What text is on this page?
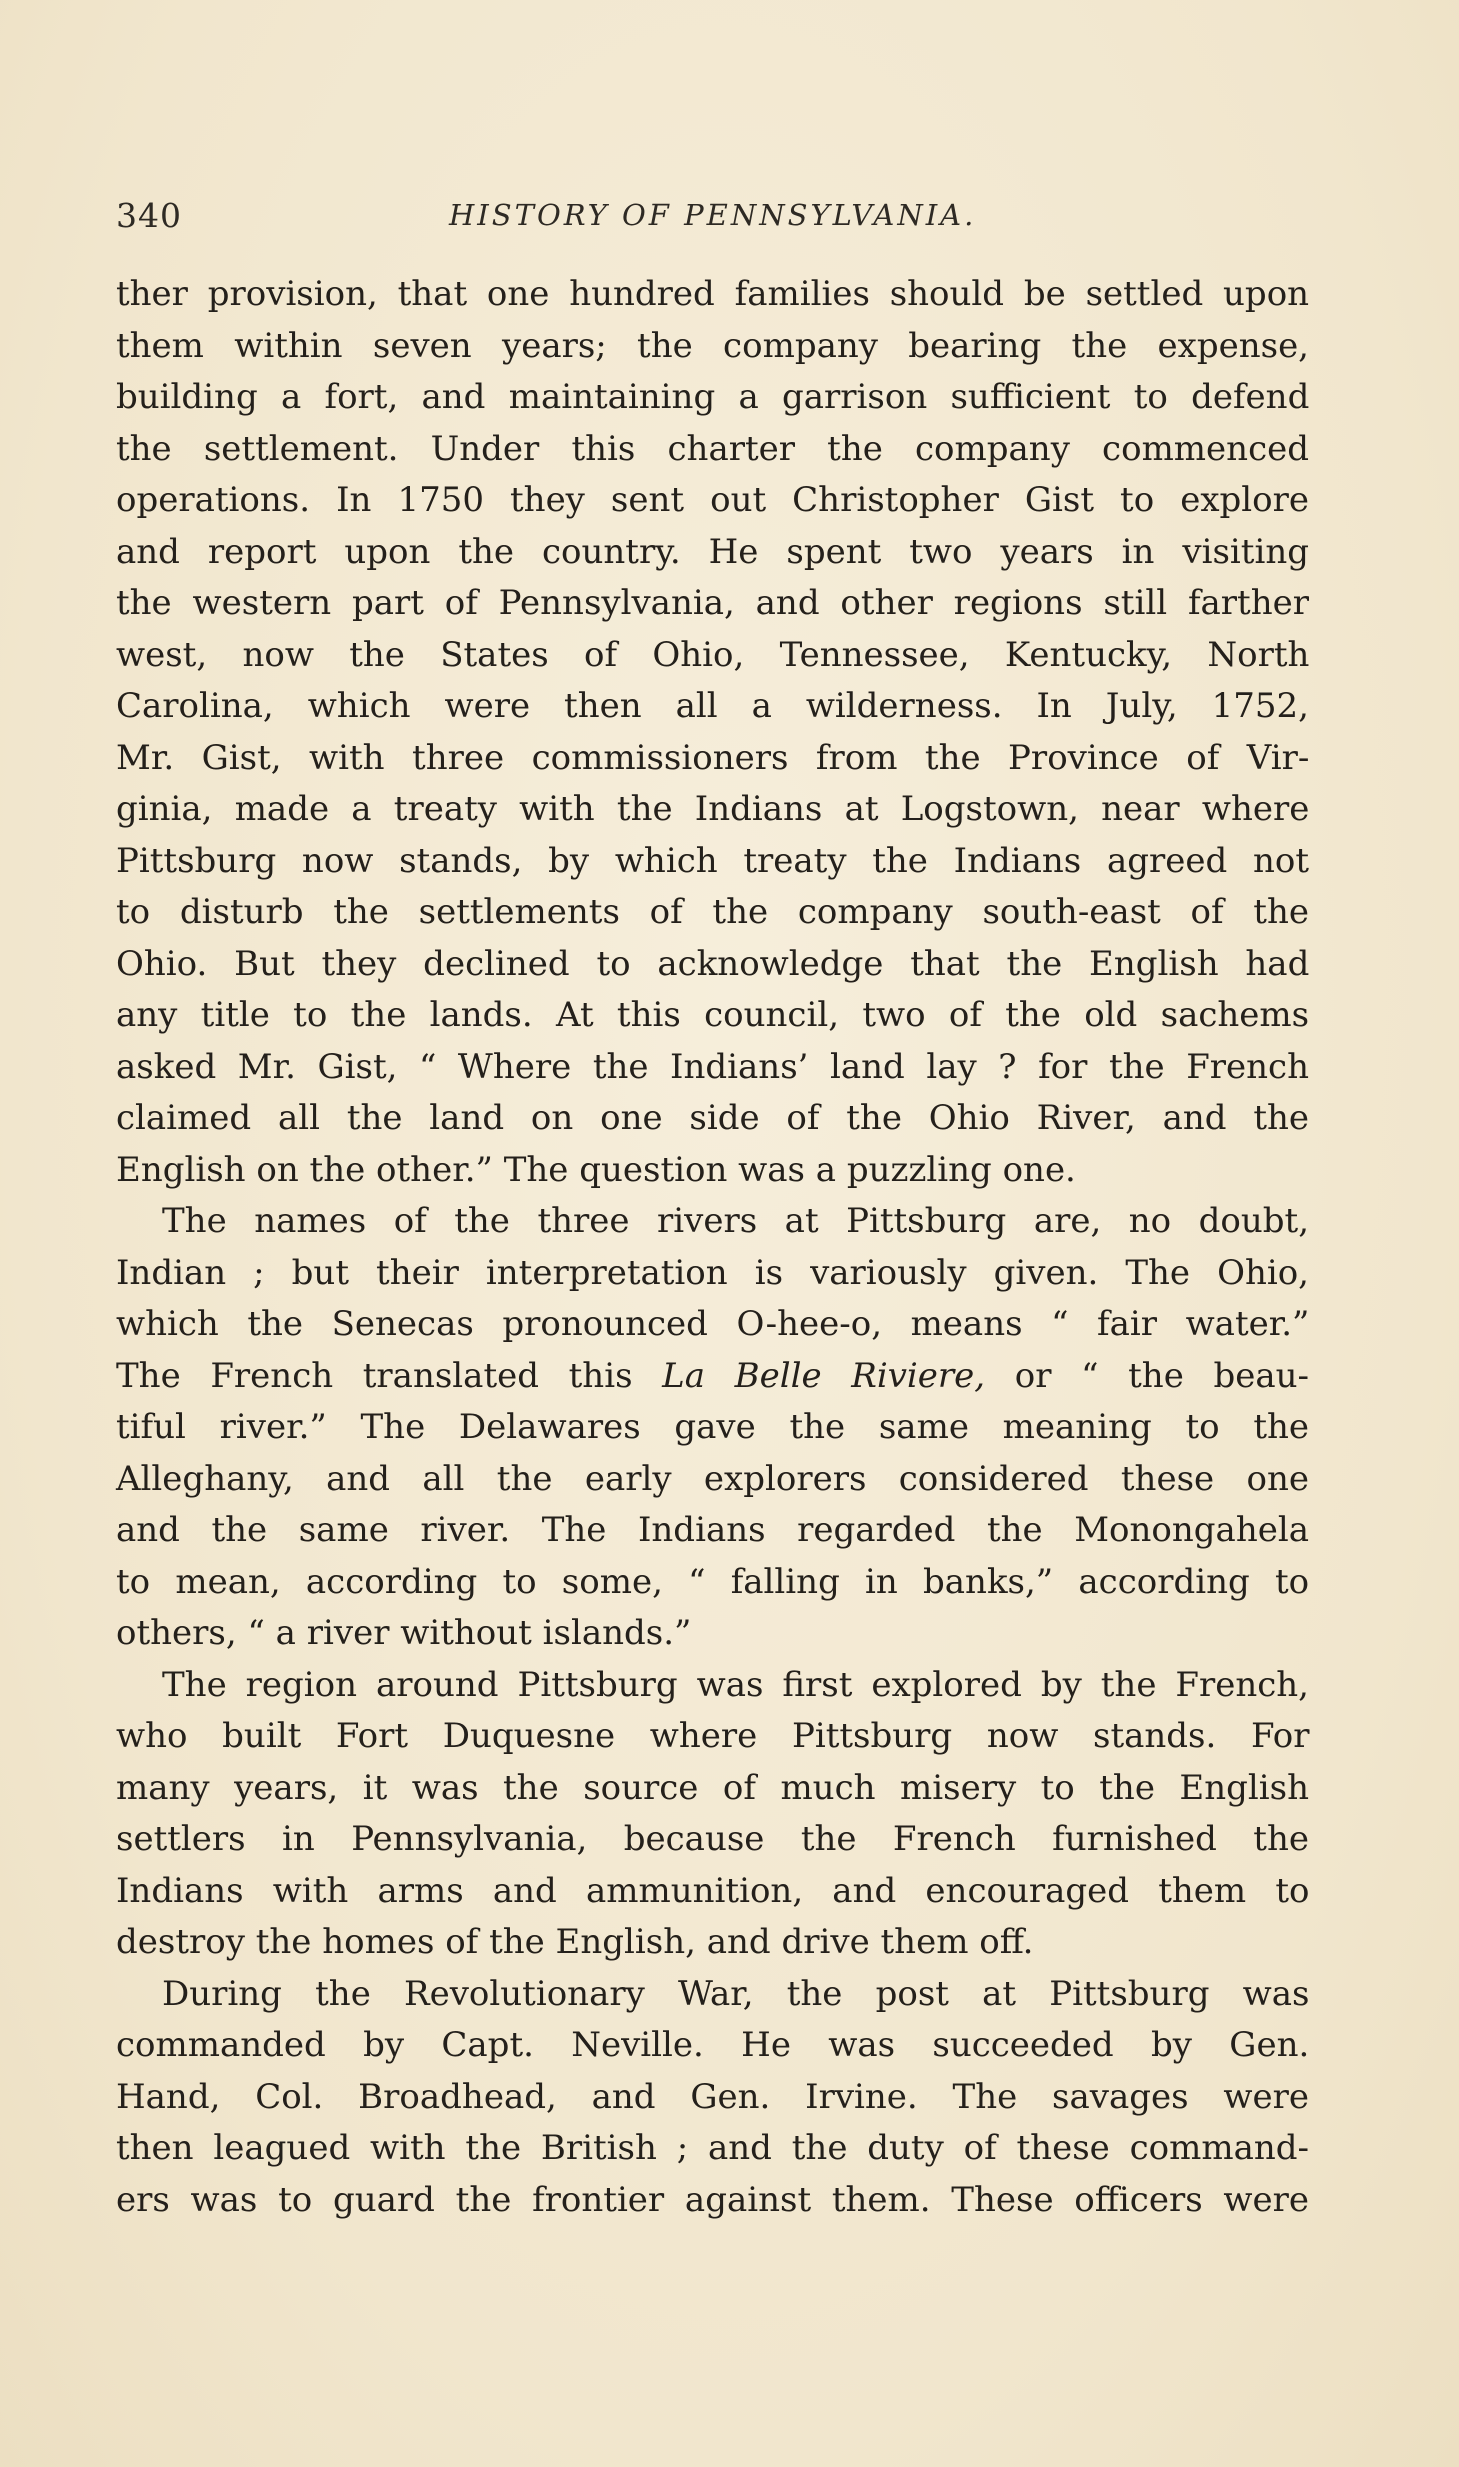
340	HISTORY OF PENNSYLVANIA.

ther provision, that one hundred families should be settled upon
them within seven years; the company bearing the expense,
building a fort, and maintaining a garrison sufficient to defend
the settlement. Under this charter the company commenced
operations. In 1750 they sent out Christopher Gist to explore
and report upon the country. He spent two years in visiting
the western part of Pennsylvania, and other regions still farther
west, now the States of Ohio, Tennessee, Kentucky, North
Carolina, which were then all a wilderness. In July, 1752,
Mr. Gist, with three commissioners from the Province of Vir-
ginia, made a treaty with the Indians at Logstown, near where
Pittsburg now stands, by which treaty the Indians agreed not
to disturb the settlements of the company south-east of the
Ohio. But they declined to acknowledge that the English had
any title to the lands. At this council, two of the old sachems
asked Mr. Gist, “ Where the Indians’ land lay ? for the French
claimed all the land on one side of the Ohio River, and the
English on the other.” The question was a puzzling one.

The names of the three rivers at Pittsburg are, no doubt,
Indian ; but their interpretation is variously given. The Ohio,
which the Senecas pronounced O-hee-o, means “ fair water.”
The French translated this La Belle Riviere, or “ the beau-
tiful river.” The Delawares gave the same meaning to the
Alleghany, and all the early explorers considered these one
and the same river. The Indians regarded the Monongahela
to mean, according to some, “ falling in banks,” according to
others, “ a river without islands.”

The region around Pittsburg was first explored by the French,
who built Fort Duquesne where Pittsburg now stands. For
many years, it was the source of much misery to the English
settlers in Pennsylvania, because the French furnished the
Indians with arms and ammunition, and encouraged them to
destroy the homes of the English, and drive them off.

During the Revolutionary War, the post at Pittsburg was
commanded by Capt. Neville. He was succeeded by Gen.
Hand, Col. Broadhead, and Gen. Irvine. The savages were
then leagued with the British ; and the duty of these command-
ers was to guard the frontier against them. These officers were
